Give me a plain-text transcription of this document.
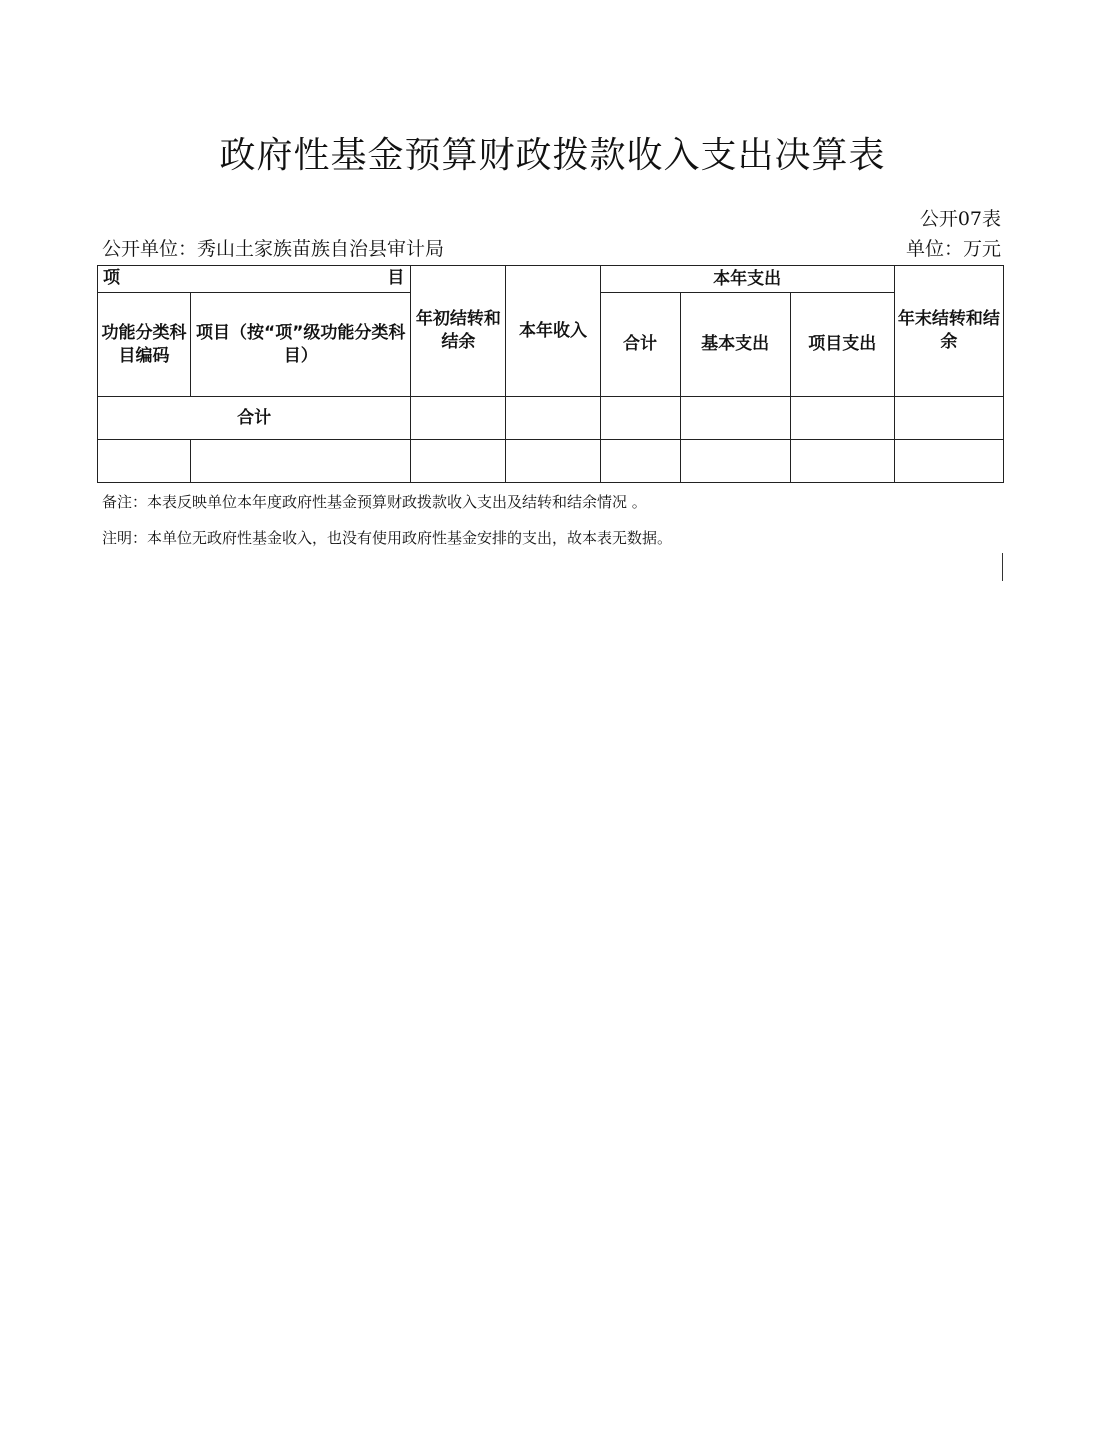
政府性基金预算财政拨款收入支出决算表
公开07表
公开单位：秀山土家族苗族自治县审计局	单位：万元
项 目		年初结转和结余	本年收入	本年支出			年末结转和结余
功能分类科目编码	项目（按“项”级功能分类科目）			合计	基本支出	项目支出	
合计							

备注：本表反映单位本年度政府性基金预算财政拨款收入支出及结转和结余情况 。
注明：本单位无政府性基金收入，也没有使用政府性基金安排的支出，故本表无数据。
